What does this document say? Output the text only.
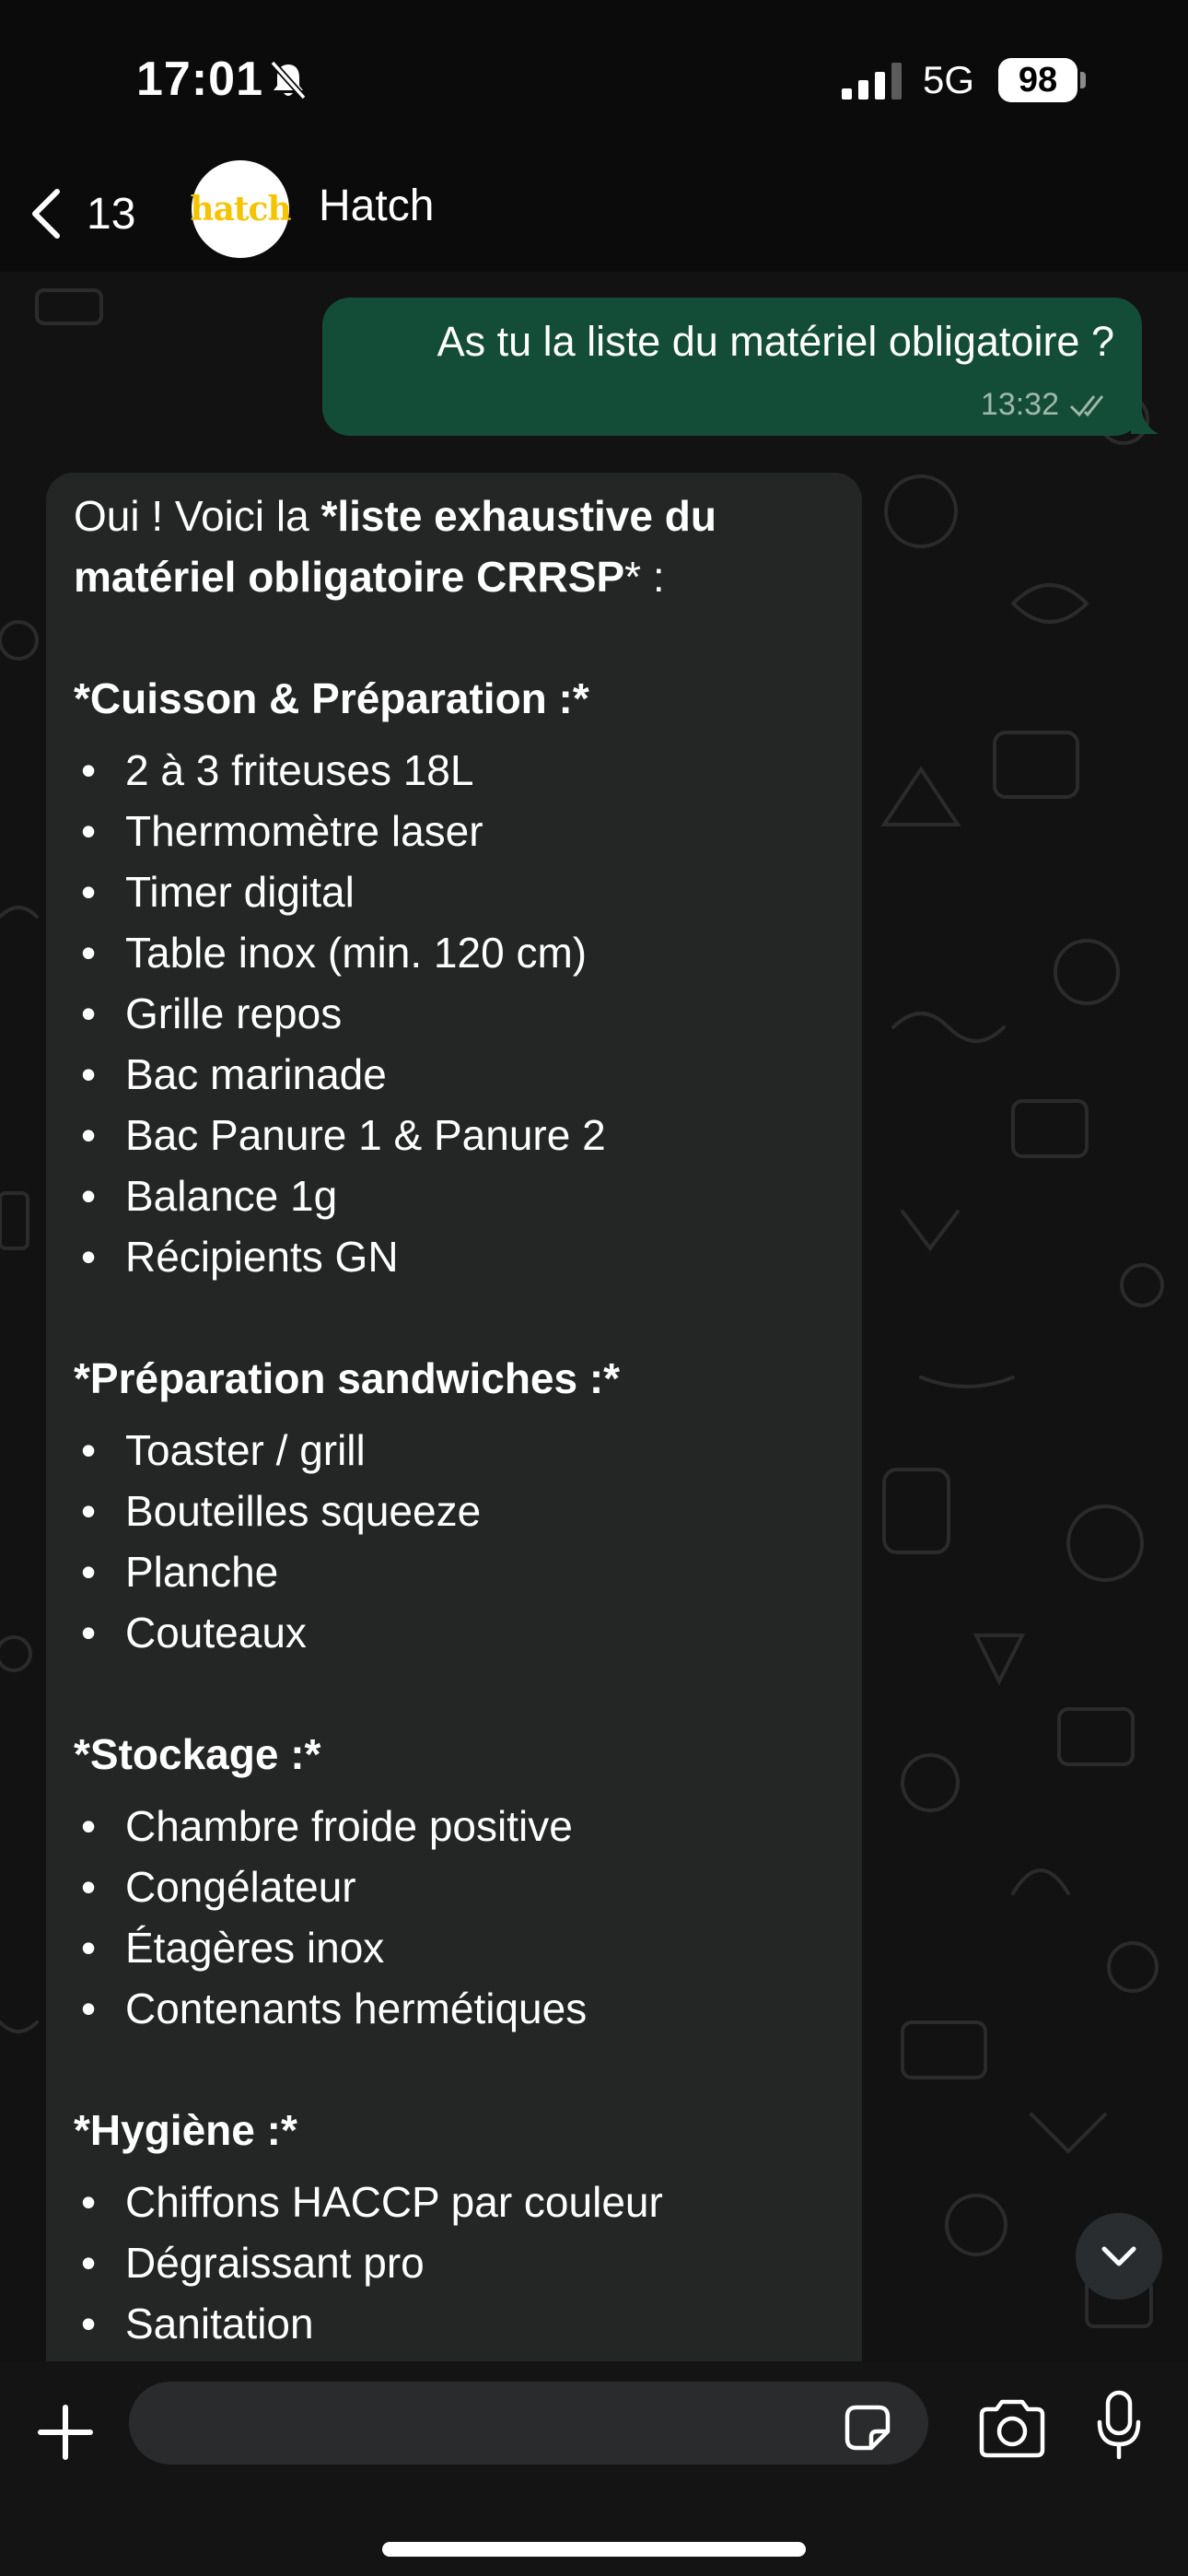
17:01	5G	98
13 hatch Hatch
As tu la liste du matériel obligatoire ?
13:32
Oui ! Voici la *liste exhaustive du matériel obligatoire CRRSP* :
*Cuisson & Préparation :*
• 2 à 3 friteuses 18L
• Thermomètre laser
• Timer digital
• Table inox (min. 120 cm)
• Grille repos
• Bac marinade
• Bac Panure 1 & Panure 2
• Balance 1g
• Récipients GN
*Préparation sandwiches :*
• Toaster / grill
• Bouteilles squeeze
• Planche
• Couteaux
*Stockage :*
• Chambre froide positive
• Congélateur
• Étagères inox
• Contenants hermétiques
*Hygiène :*
• Chiffons HACCP par couleur
• Dégraissant pro
• Sanitation
